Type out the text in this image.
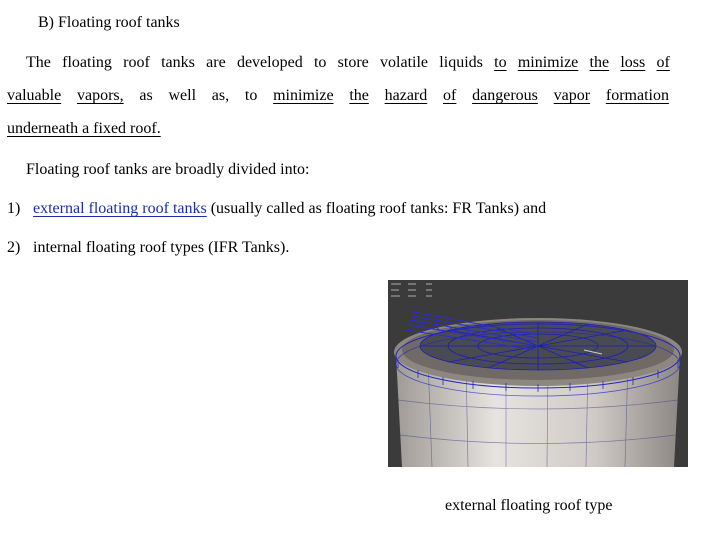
B) Floating roof tanks
The floating roof tanks are developed to store volatile liquids to minimize the loss of
valuable vapors, as well as, to minimize the hazard of dangerous vapor formation
underneath a fixed roof.
Floating roof tanks are broadly divided into:
1) external floating roof tanks (usually called as floating roof tanks: FR Tanks) and
2) internal floating roof types (IFR Tanks).
external floating roof type
